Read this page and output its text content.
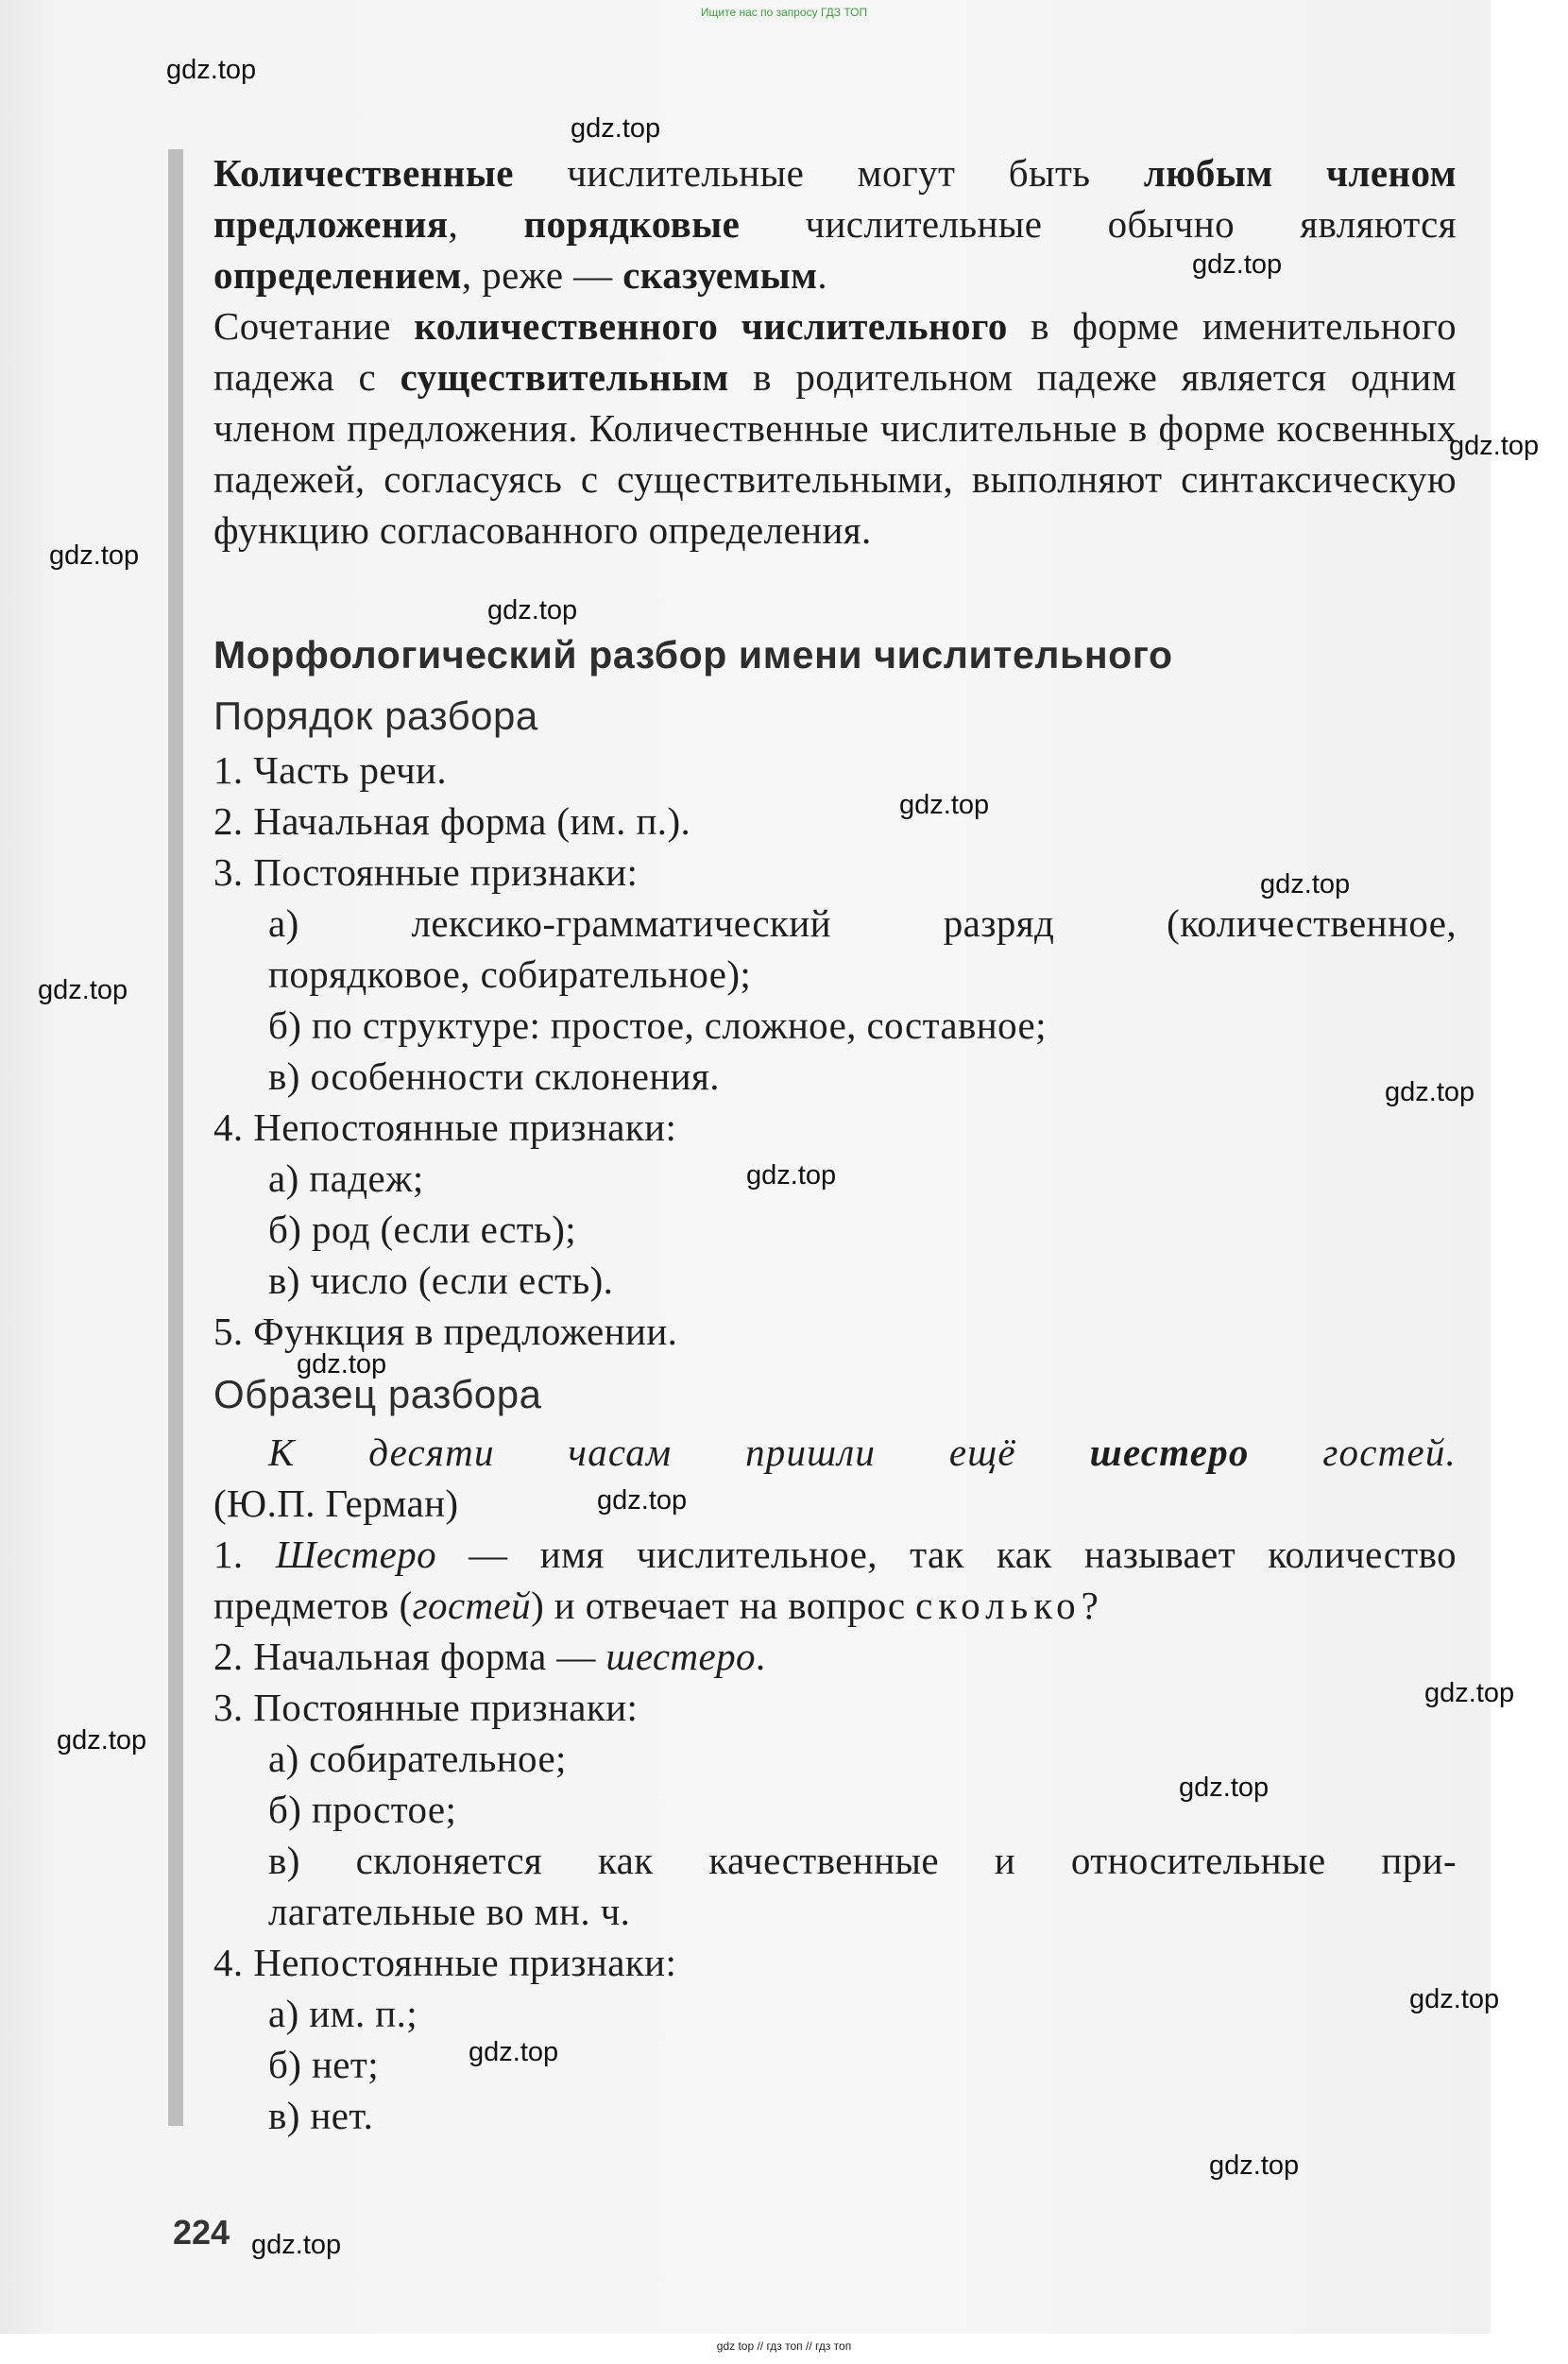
Ищите нас по запросу ГДЗ ТОП
Количественные числительные могут быть любым членом предложения, порядковые числительные обычно являются определением, реже — сказуемым.
Сочетание количественного числительного в форме именительного падежа с существительным в родительном падеже является одним членом предложения. Количественные числительные в форме косвенных падежей, согласуясь с существительными, выполняют синтаксическую функцию согласованного определения.
Морфологический разбор имени числительного
Порядок разбора
1. Часть речи.
2. Начальная форма (им. п.).
3. Постоянные признаки:
а) лексико-грамматический разряд (количественное,
порядковое, собирательное);
б) по структуре: простое, сложное, составное;
в) особенности склонения.
4. Непостоянные признаки:
а) падеж;
б) род (если есть);
в) число (если есть).
5. Функция в предложении.
Образец разбора
К десяти часам пришли ещё шестеро гостей.
(Ю.П. Герман)
1. Шестеро — имя числительное, так как называет количество предметов (гостей) и отвечает на вопрос сколько?
2. Начальная форма — шестеро.
3. Постоянные признаки:
а) собирательное;
б) простое;
в) склоняется как качественные и относительные при-
лагательные во мн. ч.
4. Непостоянные признаки:
а) им. п.;
б) нет;
в) нет.
224
gdz.top
gdz.top
gdz.top
gdz.top
gdz.top
gdz.top
gdz.top
gdz.top
gdz.top
gdz.top
gdz.top
gdz.top
gdz.top
gdz.top
gdz.top
gdz.top
gdz.top
gdz.top
gdz.top
gdz.top
gdz top // гдз топ // гдз топ
